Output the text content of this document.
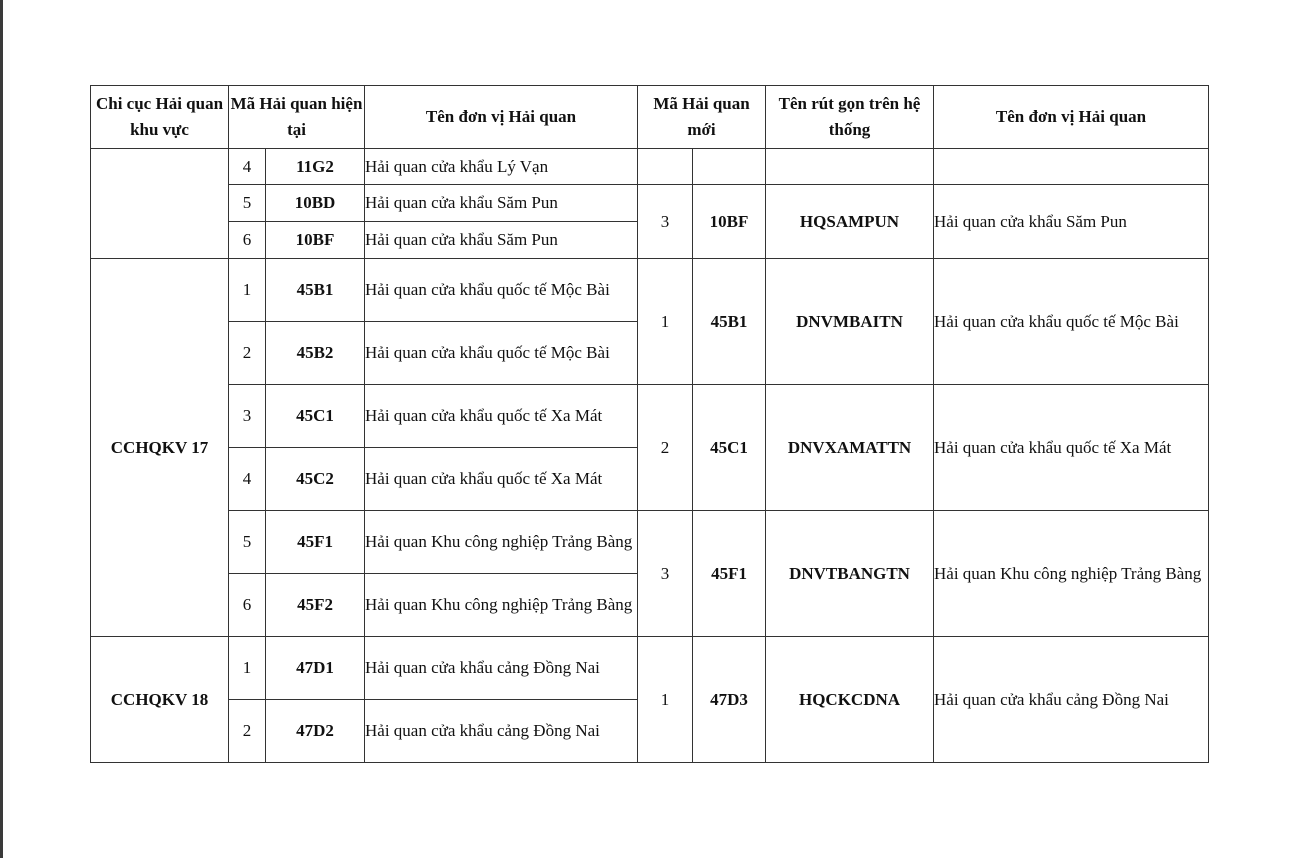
Chi cục Hải quan khu vực	Mã Hải quan hiện tại		Tên đơn vị Hải quan	Mã Hải quan mới		Tên rút gọn trên hệ thống	Tên đơn vị Hải quan
	4	11G2	Hải quan cửa khẩu Lý Vạn				
	5	10BD	Hải quan cửa khẩu Săm Pun	3	10BF	HQSAMPUN	Hải quan cửa khẩu Săm Pun
	6	10BF	Hải quan cửa khẩu Săm Pun				
CCHQKV 17	1	45B1	Hải quan cửa khẩu quốc tế Mộc Bài	1	45B1	DNVMBAITN	Hải quan cửa khẩu quốc tế Mộc Bài
	2	45B2	Hải quan cửa khẩu quốc tế Mộc Bài				
	3	45C1	Hải quan cửa khẩu quốc tế Xa Mát	2	45C1	DNVXAMATTN	Hải quan cửa khẩu quốc tế Xa Mát
	4	45C2	Hải quan cửa khẩu quốc tế Xa Mát				
	5	45F1	Hải quan Khu công nghiệp Trảng Bàng	3	45F1	DNVTBANGTN	Hải quan Khu công nghiệp Trảng Bàng
	6	45F2	Hải quan Khu công nghiệp Trảng Bàng				
CCHQKV 18	1	47D1	Hải quan cửa khẩu cảng Đồng Nai	1	47D3	HQCKCDNA	Hải quan cửa khẩu cảng Đồng Nai
	2	47D2	Hải quan cửa khẩu cảng Đồng Nai				
